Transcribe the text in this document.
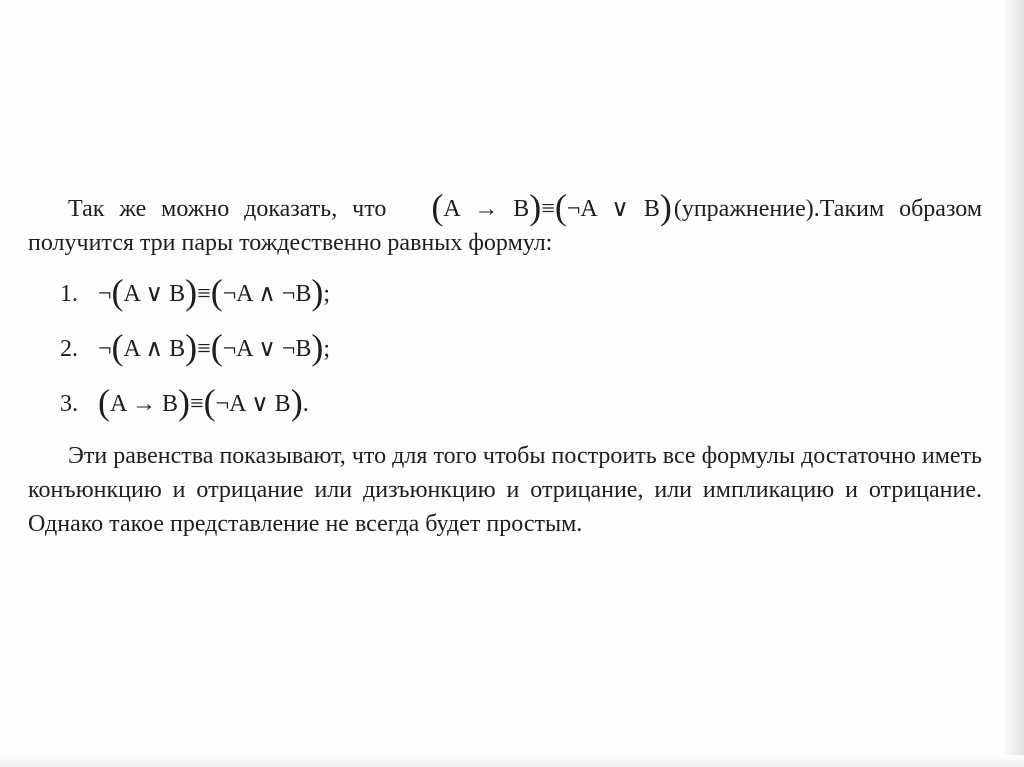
Так же можно доказать, что (A → B)≡(¬A ∨ B)(упражнение).Таким образом получится три пары тождественно равных формул:

1. ¬(A ∨ B)≡(¬A ∧ ¬B);
2. ¬(A ∧ B)≡(¬A ∨ ¬B);
3. (A → B)≡(¬A ∨ B).

Эти равенства показывают, что для того чтобы построить все формулы достаточно иметь конъюнкцию и отрицание или дизъюнкцию и отрицание, или импликацию и отрицание. Однако такое представление не всегда будет простым.
